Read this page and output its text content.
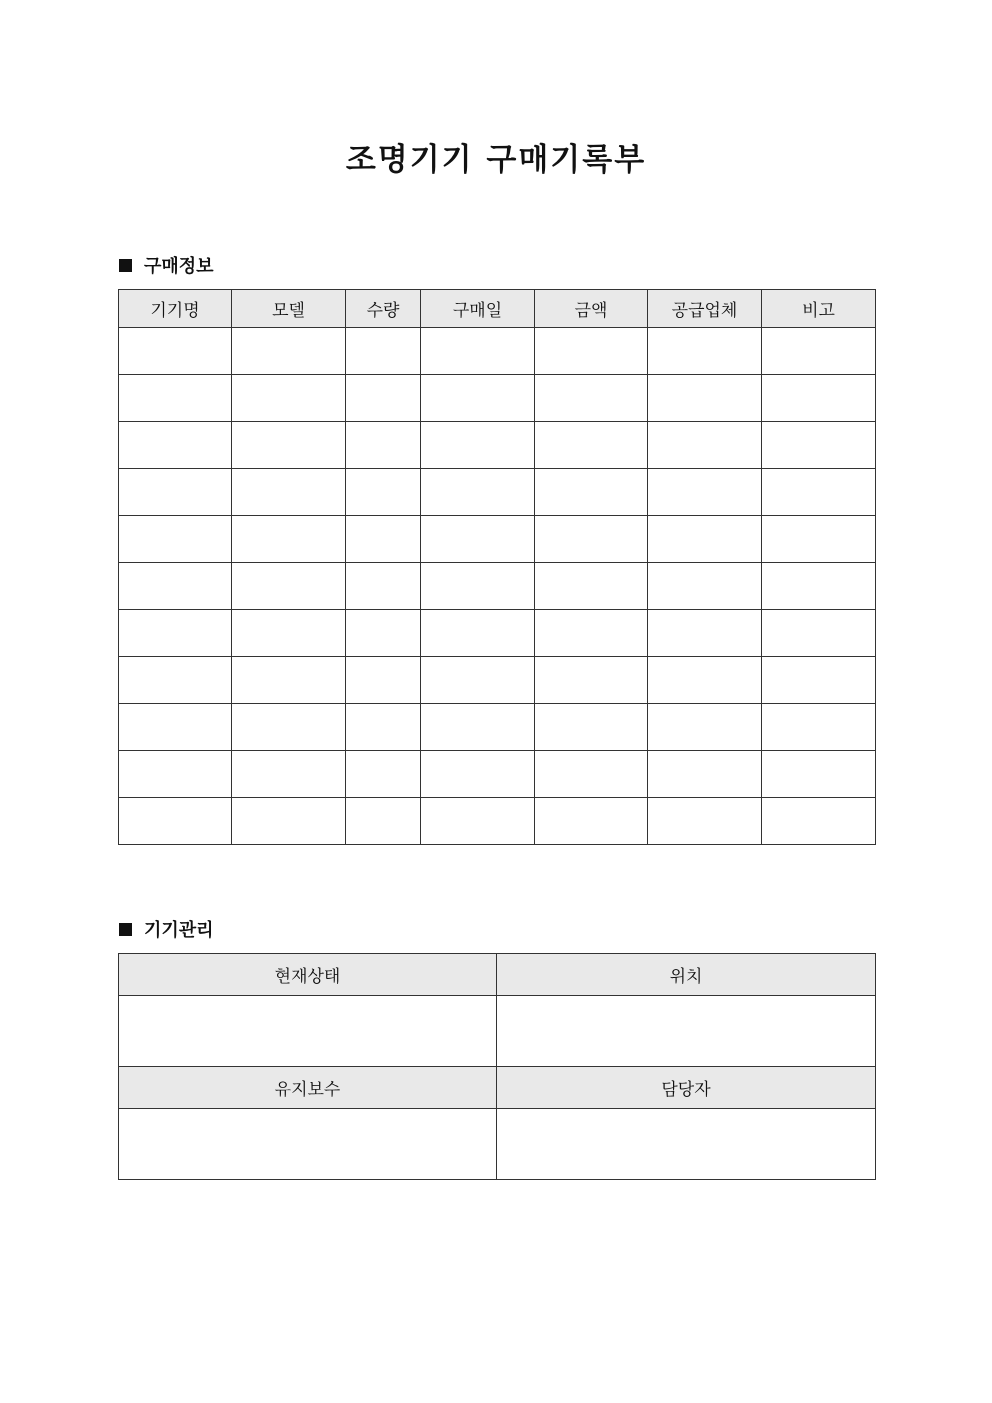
조명기기 구매기록부
구매정보
기기명	모델	수량	구매일	금액	공급업체	비고

기기관리
현재상태	위치

유지보수	담당자
